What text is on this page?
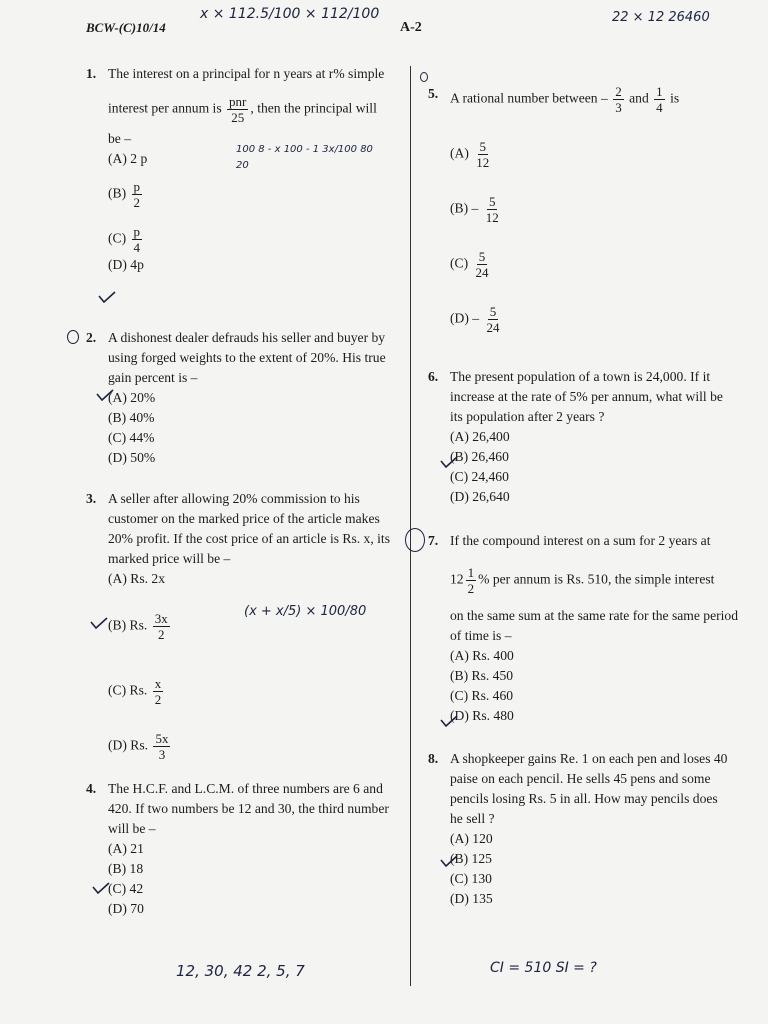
BCW-(C)10/14	A-2
1. The interest on a principal for n years at r% simple

interest per annum is $\frac{\text{pnr}}{25}$ , then the principal will

be –

(A) 2 p
$(B) \frac{p}{2}$
$(C) \frac{p}{4}$
(D) 4p
2. A dishonest dealer defrauds his seller and buyer by

using forged weights to the extent of 20%. His true

gain percent is –

(A) 20%
(B) 40%
(C) 44%
(D) 50%
3. A seller after allowing 20% commission to his

customer on the marked price of the article makes

20% profit. If the cost price of an article is Rs. x, its

marked price will be –

(A) Rs. 2x
(B) Rs. $\frac{3x}{2}$
(C) Rs. $\frac{x}{2}$
(D) Rs. $\frac{5x}{3}$
4. The H.C.F. and L.C.M. of three numbers are 6 and

420. If two numbers be 12 and 30, the third number

will be –

(A) 21
(B) 18
(C) 42
(D) 70
5. A rational number between – $\frac{2}{3}$ and $\frac{1}{4}$ is

$(A) \frac{5}{12}$
$(B) - \frac{5}{12}$
$(C) \frac{5}{24}$
$(D) - \frac{5}{24}$
6. The present population of a town is 24,000. If it

increase at the rate of 5% per annum, what will be

its population after 2 years ?

(A) 26,400
(B) 26,460
(C) 24,460
(D) 26,640
7. If the compound interest on a sum for 2 years at

$12 \frac{1}{2}$ % per annum is Rs. 510, the simple interest

on the same sum at the same rate for the same period

of time is –

(A) Rs. 400
(B) Rs. 450
(C) Rs. 460
(D) Rs. 480
8. A shopkeeper gains Re. 1 on each pen and loses 40

paise on each pencil. He sells 45 pens and some

pencils losing Rs. 5 in all. How may pencils does

he sell ?

(A) 120
(B) 125
(C) 130
(D) 135
x × 112.5/100 × 112/100	22 × 12 26460
100 8 - x 100 - 1 3x/100 80 20
(x + x/5) × 100/80
12, 30, 42 2, 5, 7	CI = 510 SI = ?
